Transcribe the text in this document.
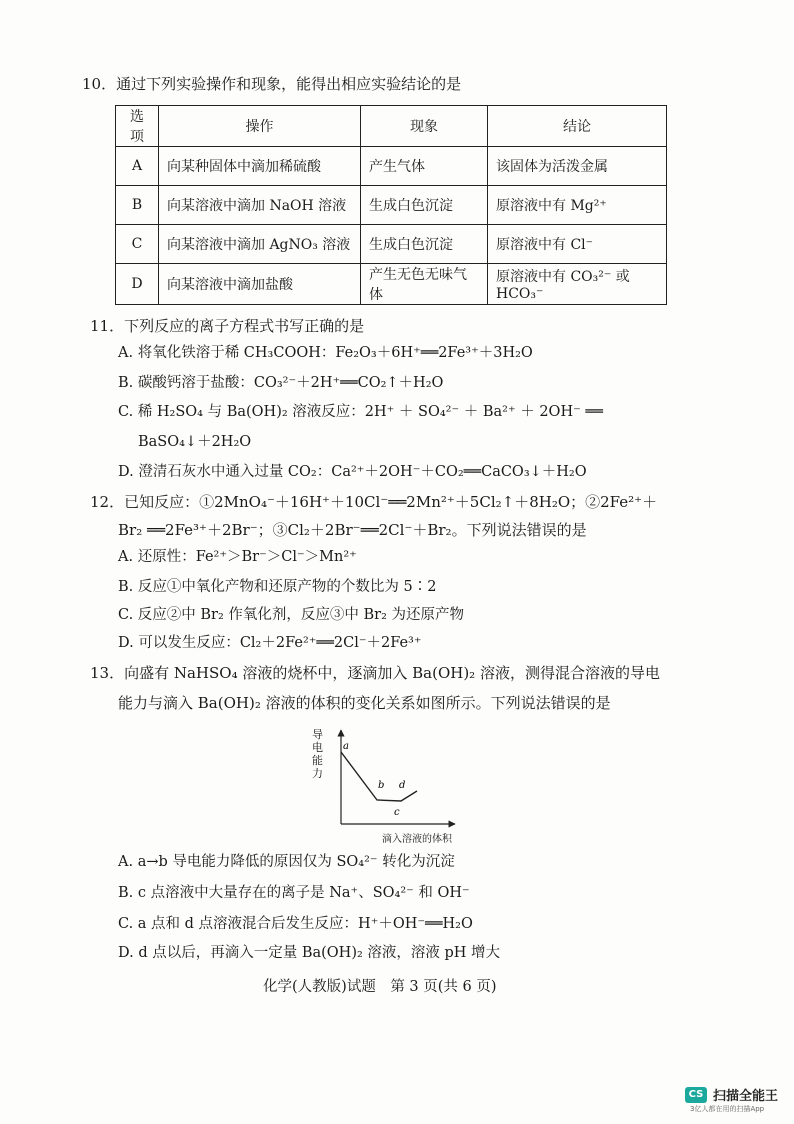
10．通过下列实验操作和现象，能得出相应实验结论的是
选项	操作	现象	结论
A	向某种固体中滴加稀硫酸	产生气体	该固体为活泼金属
B	向某溶液中滴加 NaOH 溶液	生成白色沉淀	原溶液中有 Mg²⁺
C	向某溶液中滴加 AgNO₃ 溶液	生成白色沉淀	原溶液中有 Cl⁻
D	向某溶液中滴加盐酸	产生无色无味气体	原溶液中有 CO₃²⁻ 或 HCO₃⁻
11．下列反应的离子方程式书写正确的是
A. 将氧化铁溶于稀 CH₃COOH：Fe₂O₃＋6H⁺══2Fe³⁺＋3H₂O
B. 碳酸钙溶于盐酸：CO₃²⁻＋2H⁺══CO₂↑＋H₂O
C. 稀 H₂SO₄ 与 Ba(OH)₂ 溶液反应：2H⁺ ＋ SO₄²⁻ ＋ Ba²⁺ ＋ 2OH⁻ ══
BaSO₄↓＋2H₂O
D. 澄清石灰水中通入过量 CO₂：Ca²⁺＋2OH⁻＋CO₂══CaCO₃↓＋H₂O
12．已知反应：①2MnO₄⁻＋16H⁺＋10Cl⁻══2Mn²⁺＋5Cl₂↑＋8H₂O；②2Fe²⁺＋
Br₂ ══2Fe³⁺＋2Br⁻；③Cl₂＋2Br⁻══2Cl⁻＋Br₂。下列说法错误的是
A. 还原性：Fe²⁺＞Br⁻＞Cl⁻＞Mn²⁺
B. 反应①中氧化产物和还原产物的个数比为 5∶2
C. 反应②中 Br₂ 作氧化剂，反应③中 Br₂ 为还原产物
D. 可以发生反应：Cl₂＋2Fe²⁺══2Cl⁻＋2Fe³⁺
13．向盛有 NaHSO₄ 溶液的烧杯中，逐滴加入 Ba(OH)₂ 溶液，测得混合溶液的导电
能力与滴入 Ba(OH)₂ 溶液的体积的变化关系如图所示。下列说法错误的是
a
b
c
d
导电能力
滴入溶液的体积
A. a→b 导电能力降低的原因仅为 SO₄²⁻ 转化为沉淀
B. c 点溶液中大量存在的离子是 Na⁺、SO₄²⁻ 和 OH⁻
C. a 点和 d 点溶液混合后发生反应：H⁺＋OH⁻══H₂O
D. d 点以后，再滴入一定量 Ba(OH)₂ 溶液，溶液 pH 增大
化学(人教版)试题　第 3 页(共 6 页)
CS 扫描全能王
3亿人都在用的扫描App
